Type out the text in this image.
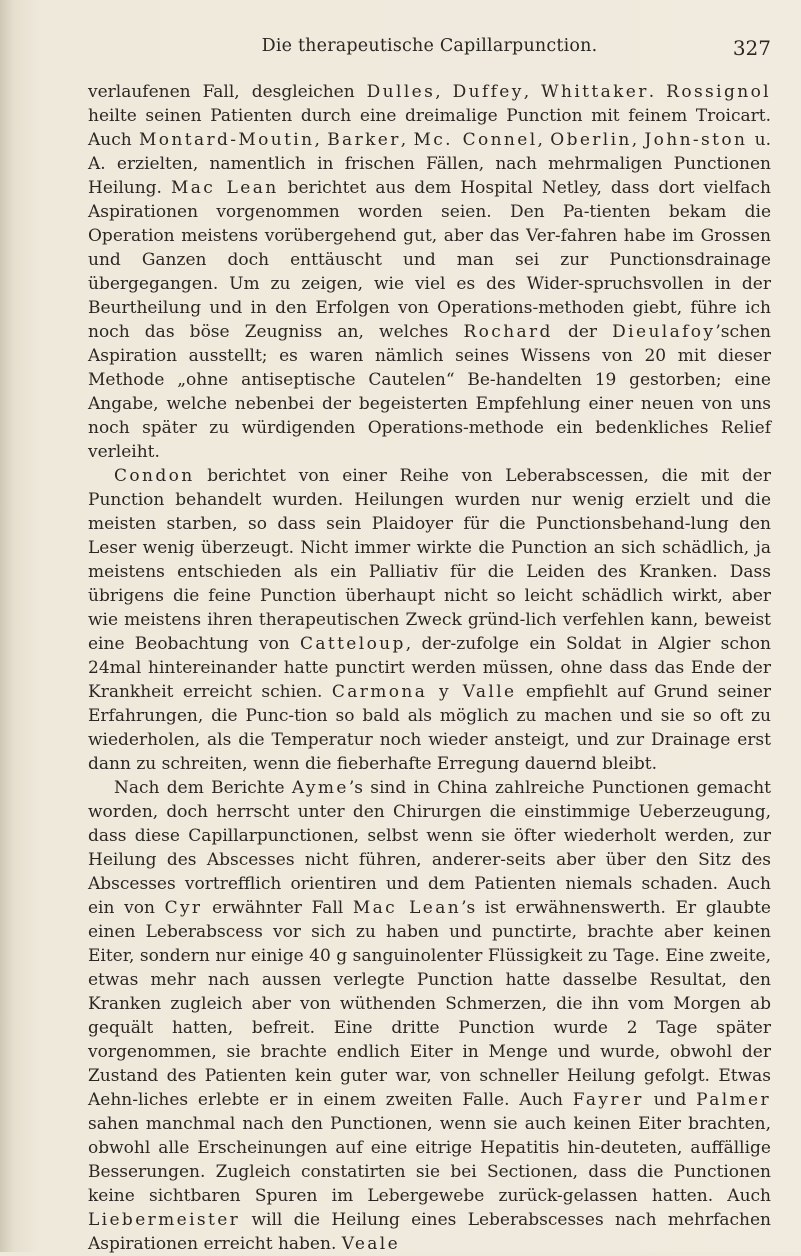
Die therapeutische Capillarpunction.	327

verlaufenen Fall, desgleichen Dulles, Duffey, Whittaker. Rossignol heilte seinen Patienten durch eine dreimalige Punction mit feinem Troicart. Auch Montard-Moutin, Barker, Mc. Connel, Oberlin, John-ston u. A. erzielten, namentlich in frischen Fällen, nach mehrmaligen Punctionen Heilung. Mac Lean berichtet aus dem Hospital Netley, dass dort vielfach Aspirationen vorgenommen worden seien. Den Pa-tienten bekam die Operation meistens vorübergehend gut, aber das Ver-fahren habe im Grossen und Ganzen doch enttäuscht und man sei zur Punctionsdrainage übergegangen. Um zu zeigen, wie viel es des Wider-spruchsvollen in der Beurtheilung und in den Erfolgen von Operations-methoden giebt, führe ich noch das böse Zeugniss an, welches Rochard der Dieulafoy’schen Aspiration ausstellt; es waren nämlich seines Wissens von 20 mit dieser Methode „ohne antiseptische Cautelen“ Be-handelten 19 gestorben; eine Angabe, welche nebenbei der begeisterten Empfehlung einer neuen von uns noch später zu würdigenden Operations-methode ein bedenkliches Relief verleiht.

Condon berichtet von einer Reihe von Leberabscessen, die mit der Punction behandelt wurden. Heilungen wurden nur wenig erzielt und die meisten starben, so dass sein Plaidoyer für die Punctionsbehand-lung den Leser wenig überzeugt. Nicht immer wirkte die Punction an sich schädlich, ja meistens entschieden als ein Palliativ für die Leiden des Kranken. Dass übrigens die feine Punction überhaupt nicht so leicht schädlich wirkt, aber wie meistens ihren therapeutischen Zweck gründ-lich verfehlen kann, beweist eine Beobachtung von Catteloup, der-zufolge ein Soldat in Algier schon 24mal hintereinander hatte punctirt werden müssen, ohne dass das Ende der Krankheit erreicht schien. Carmona y Valle empfiehlt auf Grund seiner Erfahrungen, die Punc-tion so bald als möglich zu machen und sie so oft zu wiederholen, als die Temperatur noch wieder ansteigt, und zur Drainage erst dann zu schreiten, wenn die fieberhafte Erregung dauernd bleibt.

Nach dem Berichte Ayme’s sind in China zahlreiche Punctionen gemacht worden, doch herrscht unter den Chirurgen die einstimmige Ueberzeugung, dass diese Capillarpunctionen, selbst wenn sie öfter wiederholt werden, zur Heilung des Abscesses nicht führen, anderer-seits aber über den Sitz des Abscesses vortrefflich orientiren und dem Patienten niemals schaden. Auch ein von Cyr erwähnter Fall Mac Lean’s ist erwähnenswerth. Er glaubte einen Leberabscess vor sich zu haben und punctirte, brachte aber keinen Eiter, sondern nur einige 40 g sanguinolenter Flüssigkeit zu Tage. Eine zweite, etwas mehr nach aussen verlegte Punction hatte dasselbe Resultat, den Kranken zugleich aber von wüthenden Schmerzen, die ihn vom Morgen ab gequält hatten, befreit. Eine dritte Punction wurde 2 Tage später vorgenommen, sie brachte endlich Eiter in Menge und wurde, obwohl der Zustand des Patienten kein guter war, von schneller Heilung gefolgt. Etwas Aehn-liches erlebte er in einem zweiten Falle. Auch Fayrer und Palmer sahen manchmal nach den Punctionen, wenn sie auch keinen Eiter brachten, obwohl alle Erscheinungen auf eine eitrige Hepatitis hin-deuteten, auffällige Besserungen. Zugleich constatirten sie bei Sectionen, dass die Punctionen keine sichtbaren Spuren im Lebergewebe zurück-gelassen hatten. Auch Liebermeister will die Heilung eines Leberabscesses nach mehrfachen Aspirationen erreicht haben. Veale
